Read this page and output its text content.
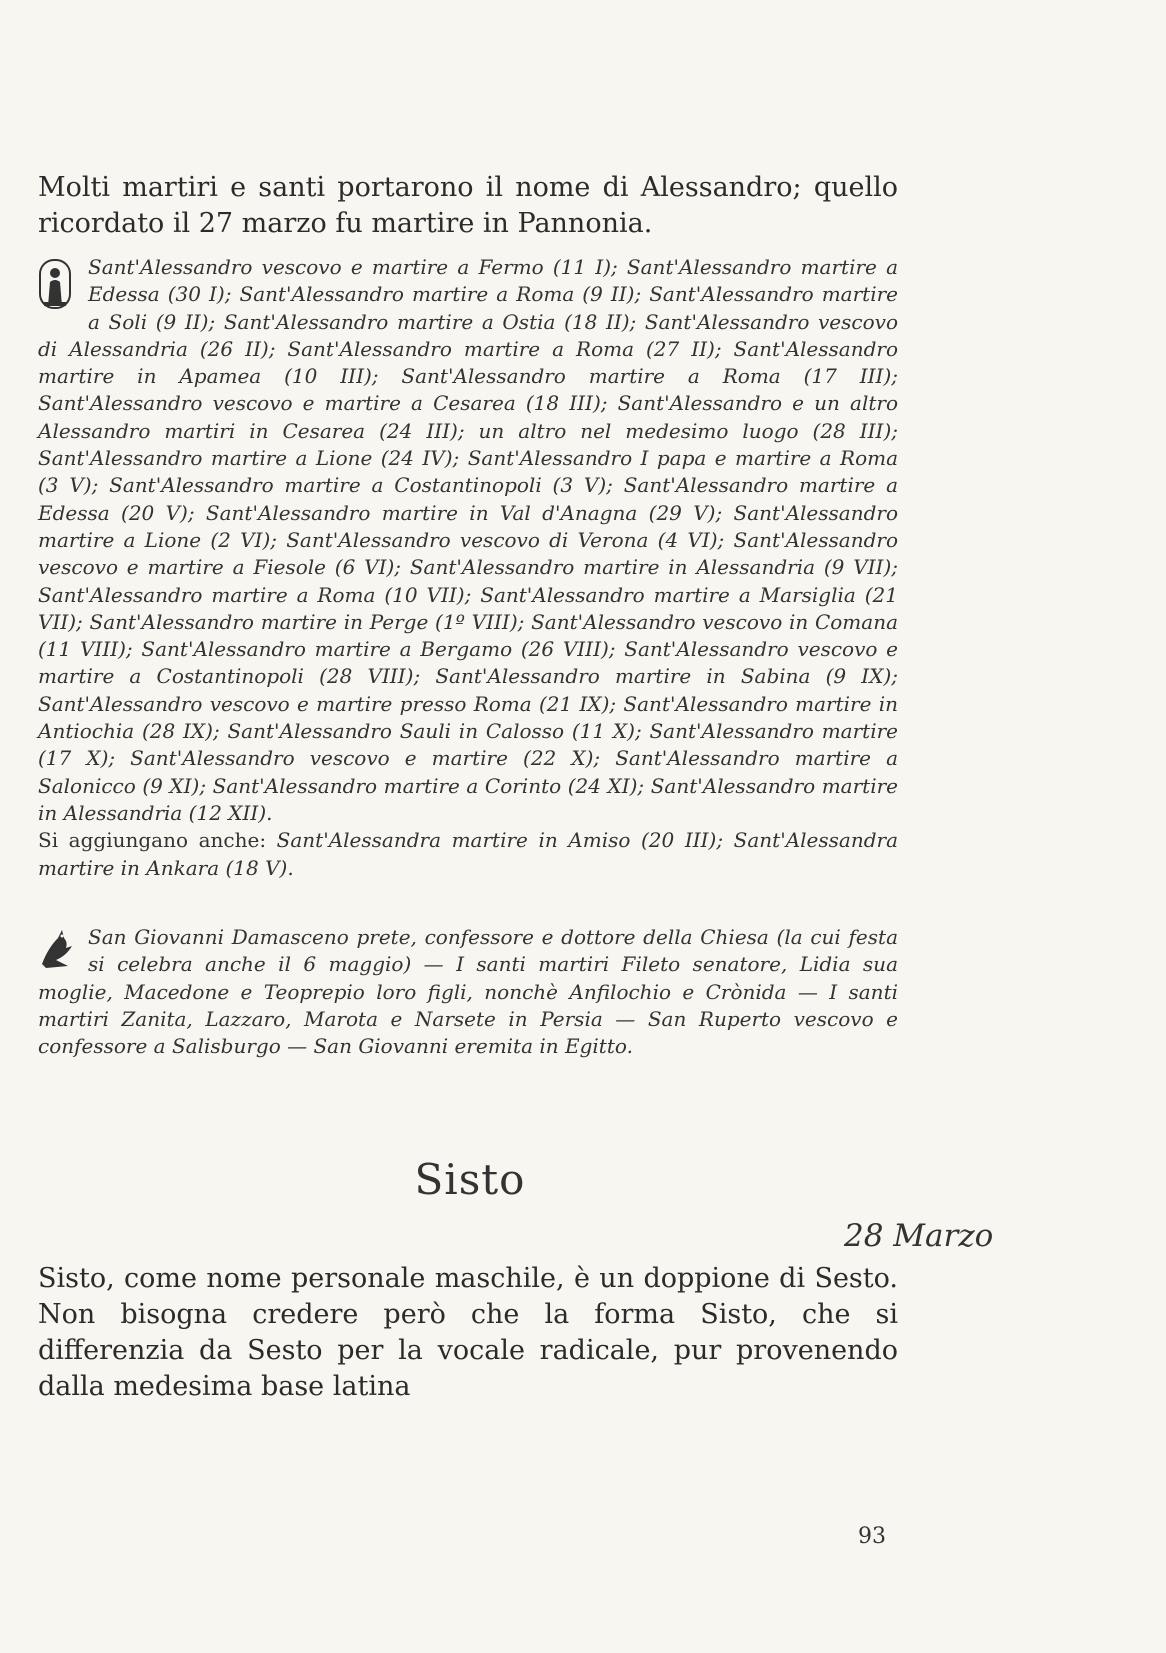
Molti martiri e santi portarono il nome di Alessandro; quello ricordato il 27 marzo fu martire in Pannonia.

Sant'Alessandro vescovo e martire a Fermo (11 I); Sant'Alessandro martire a Edessa (30 I); Sant'Alessandro martire a Roma (9 II); Sant'Alessandro martire a Soli (9 II); Sant'Alessandro martire a Ostia (18 II); Sant'Alessandro vescovo di Alessandria (26 II); Sant'Alessandro martire a Roma (27 II); Sant'Alessandro martire in Apamea (10 III); Sant'Alessandro martire a Roma (17 III); Sant'Alessandro vescovo e martire a Cesarea (18 III); Sant'Alessandro e un altro Alessandro martiri in Cesarea (24 III); un altro nel medesimo luogo (28 III); Sant'Alessandro martire a Lione (24 IV); Sant'Alessandro I papa e martire a Roma (3 V); Sant'Alessandro martire a Costantinopoli (3 V); Sant'Alessandro martire a Edessa (20 V); Sant'Alessandro martire in Val d'Anagna (29 V); Sant'Alessandro martire a Lione (2 VI); Sant'Alessandro vescovo di Verona (4 VI); Sant'Alessandro vescovo e martire a Fiesole (6 VI); Sant'Alessandro martire in Alessandria (9 VII); Sant'Alessandro martire a Roma (10 VII); Sant'Alessandro martire a Marsiglia (21 VII); Sant'Alessandro martire in Perge (1º VIII); Sant'Alessandro vescovo in Comana (11 VIII); Sant'Alessandro martire a Bergamo (26 VIII); Sant'Alessandro vescovo e martire a Costantinopoli (28 VIII); Sant'Alessandro martire in Sabina (9 IX); Sant'Alessandro vescovo e martire presso Roma (21 IX); Sant'Alessandro martire in Antiochia (28 IX); Sant'Alessandro Sauli in Calosso (11 X); Sant'Alessandro martire (17 X); Sant'Alessandro vescovo e martire (22 X); Sant'Alessandro martire a Salonicco (9 XI); Sant'Alessandro martire a Corinto (24 XI); Sant'Alessandro martire in Alessandria (12 XII).
Si aggiungano anche: Sant'Alessandra martire in Amiso (20 III); Sant'Alessandra martire in Ankara (18 V).
San Giovanni Damasceno prete, confessore e dottore della Chiesa (la cui festa si celebra anche il 6 maggio) — I santi martiri Fileto senatore, Lidia sua moglie, Macedone e Teoprepio loro figli, nonchè Anfilochio e Crònida — I santi martiri Zanita, Lazzaro, Marota e Narsete in Persia — San Ruperto vescovo e confessore a Salisburgo — San Giovanni eremita in Egitto.
Sisto
28 Marzo

Sisto, come nome personale maschile, è un doppione di Sesto. Non bisogna credere però che la forma Sisto, che si differenzia da Sesto per la vocale radicale, pur provenendo dalla medesima base latina

93
